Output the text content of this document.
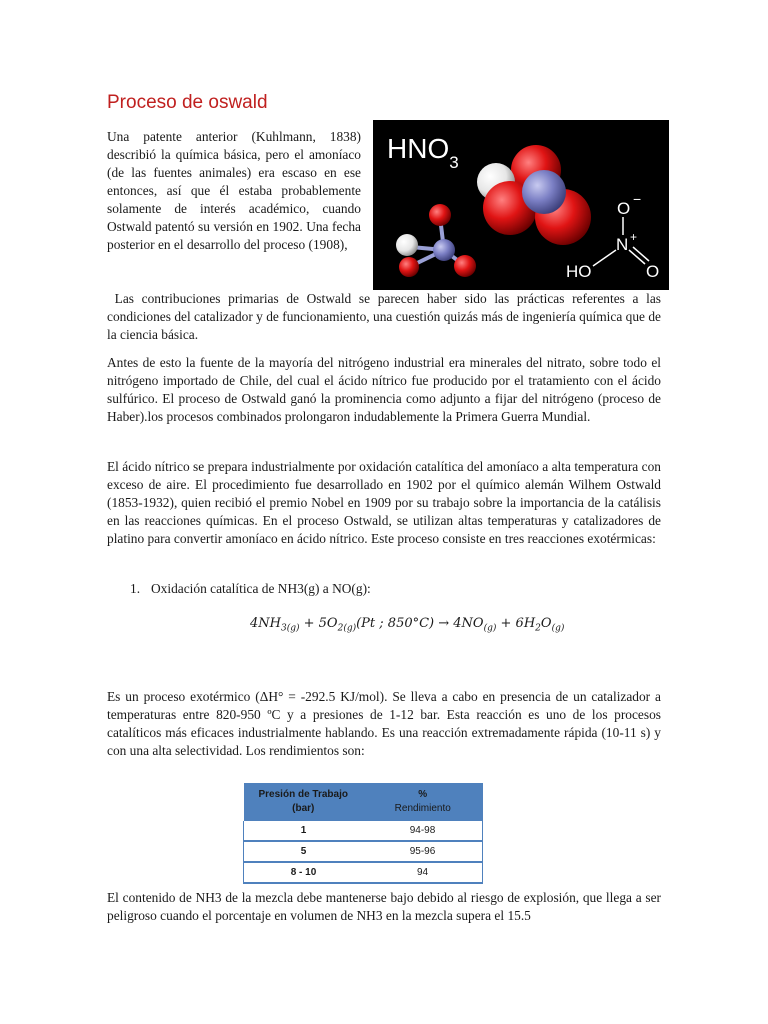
Proceso de oswald

Una patente anterior (Kuhlmann, 1838) describió la química básica, pero el amoníaco (de las fuentes animales) era escaso en ese entonces, así que él estaba probablemente solamente de interés académico, cuando Ostwald patentó su versión en 1902. Una fecha posterior en el desarrollo del proceso (1908),

$HNO_3$
O −
N +
HO	O

Las contribuciones primarias de Ostwald se parecen haber sido las prácticas referentes a las condiciones del catalizador y de funcionamiento, una cuestión quizás más de ingeniería química que de la ciencia básica.

Antes de esto la fuente de la mayoría del nitrógeno industrial era minerales del nitrato, sobre todo el nitrógeno importado de Chile, del cual el ácido nítrico fue producido por el tratamiento con el ácido sulfúrico. El proceso de Ostwald ganó la prominencia como adjunto a fijar del nitrógeno (proceso de Haber).los procesos combinados prolongaron indudablemente la Primera Guerra Mundial.

El ácido nítrico se prepara industrialmente por oxidación catalítica del amoníaco a alta temperatura con exceso de aire. El procedimiento fue desarrollado en 1902 por el químico alemán Wilhem Ostwald (1853-1932), quien recibió el premio Nobel en 1909 por su trabajo sobre la importancia de la catálisis en las reacciones químicas. En el proceso Ostwald, se utilizan altas temperaturas y catalizadores de platino para convertir amoníaco en ácido nítrico. Este proceso consiste en tres reacciones exotérmicas:

1. Oxidación catalítica de NH3(g) a NO(g):
$4NH_{3(g)} + 5O_{2(g)}(Pt$ ; $850^\circ C) \to 4NO_{(g)} + 6H_2O_{(g)}$

Es un proceso exotérmico (ΔH° = -292.5 KJ/mol). Se lleva a cabo en presencia de un catalizador a temperaturas entre 820-950 ºC y a presiones de 1-12 bar. Esta reacción es uno de los procesos catalíticos más eficaces industrialmente hablando. Es una reacción extremadamente rápida (10-11 s) y con una alta selectividad. Los rendimientos son:

Presión de Trabajo (bar)	%
Rendimiento

1	94-98
5	95-96
8 - 10	94

El contenido de NH3 de la mezcla debe mantenerse bajo debido al riesgo de explosión, que llega a ser peligroso cuando el porcentaje en volumen de NH3 en la mezcla supera el 15.5
